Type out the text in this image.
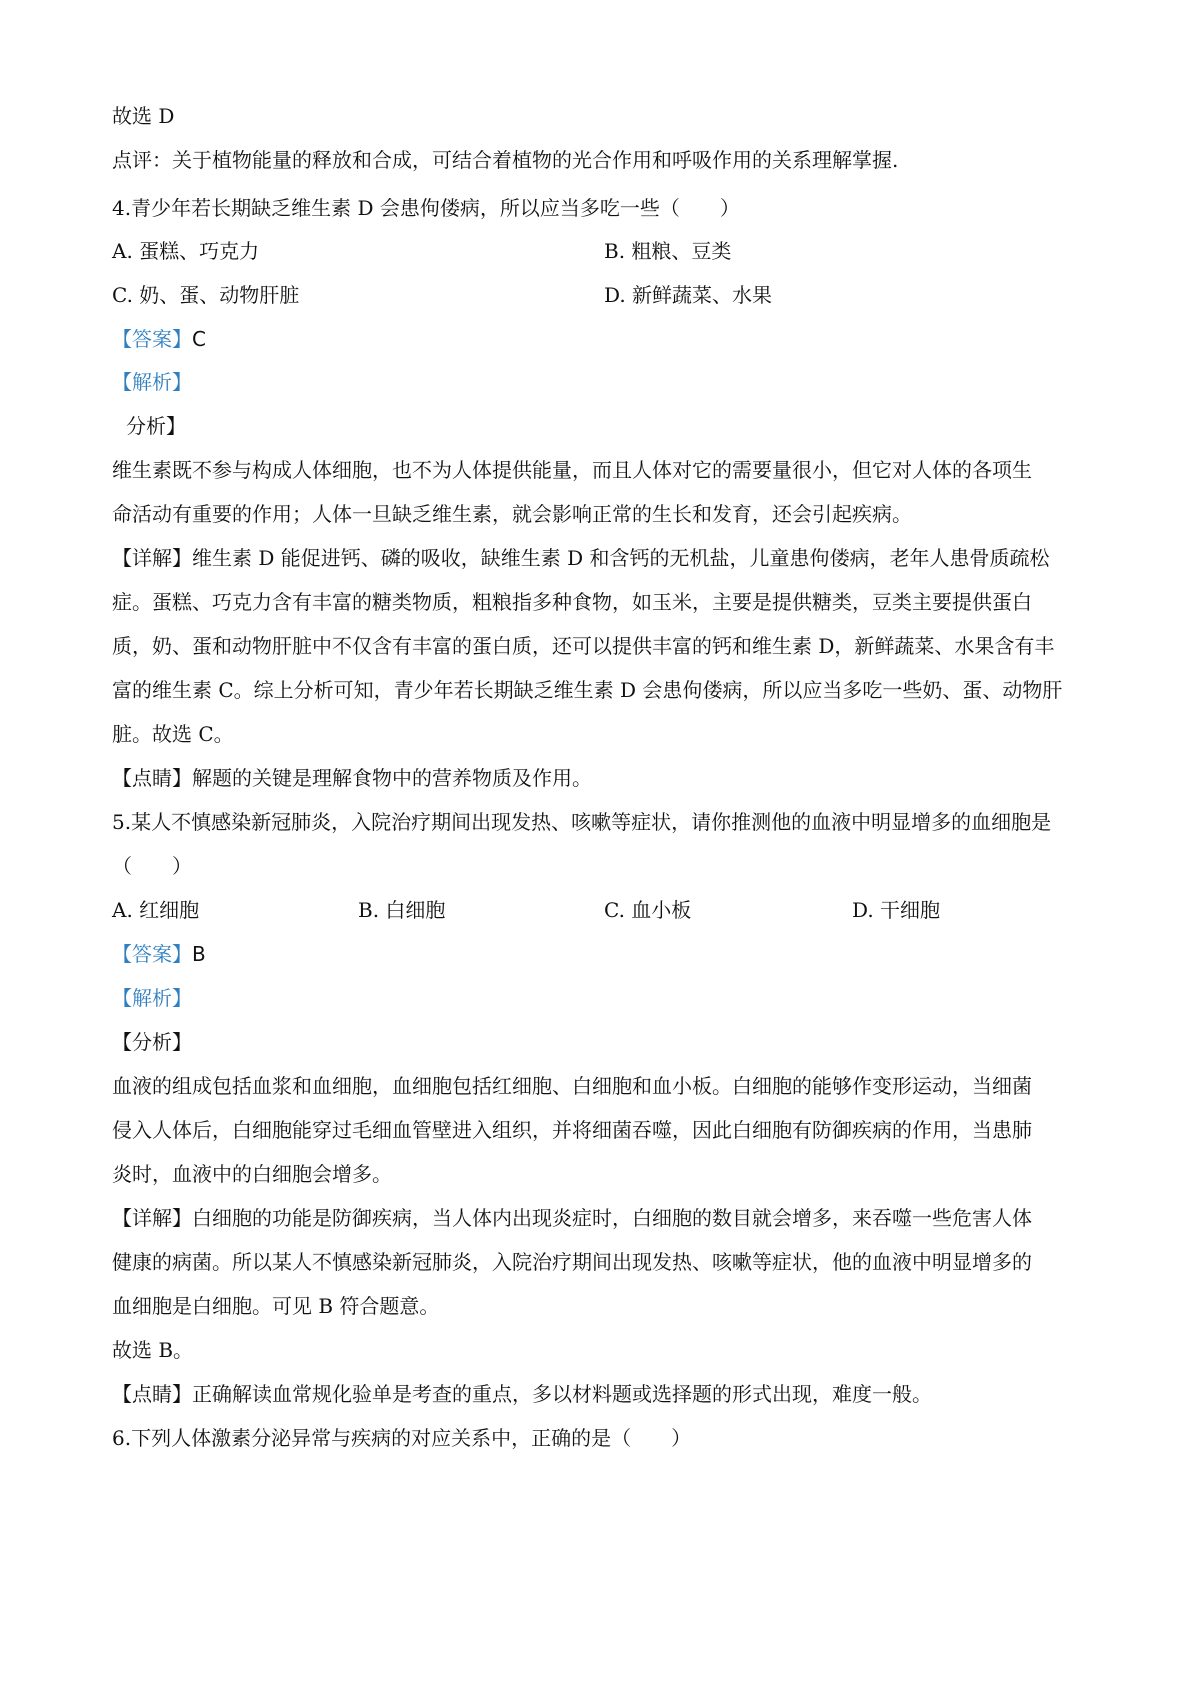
故选 D
点评：关于植物能量的释放和合成，可结合着植物的光合作用和呼吸作用的关系理解掌握.
4.青少年若长期缺乏维生素 D 会患佝偻病，所以应当多吃一些（　　）
A. 蛋糕、巧克力	B. 粗粮、豆类
C. 奶、蛋、动物肝脏	D. 新鲜蔬菜、水果
【答案】C
【解析】
分析】
维生素既不参与构成人体细胞，也不为人体提供能量，而且人体对它的需要量很小，但它对人体的各项生
命活动有重要的作用；人体一旦缺乏维生素，就会影响正常的生长和发育，还会引起疾病。
【详解】维生素 D 能促进钙、磷的吸收，缺维生素 D 和含钙的无机盐，儿童患佝偻病，老年人患骨质疏松
症。蛋糕、巧克力含有丰富的糖类物质，粗粮指多种食物，如玉米，主要是提供糖类，豆类主要提供蛋白
质，奶、蛋和动物肝脏中不仅含有丰富的蛋白质，还可以提供丰富的钙和维生素 D，新鲜蔬菜、水果含有丰
富的维生素 C。综上分析可知，青少年若长期缺乏维生素 D 会患佝偻病，所以应当多吃一些奶、蛋、动物肝
脏。故选 C。
【点睛】解题的关键是理解食物中的营养物质及作用。
5.某人不慎感染新冠肺炎，入院治疗期间出现发热、咳嗽等症状，请你推测他的血液中明显增多的血细胞是
（　　）
A. 红细胞	B. 白细胞	C. 血小板	D. 干细胞
【答案】B
【解析】
【分析】
血液的组成包括血浆和血细胞，血细胞包括红细胞、白细胞和血小板。白细胞的能够作变形运动，当细菌
侵入人体后，白细胞能穿过毛细血管壁进入组织，并将细菌吞噬，因此白细胞有防御疾病的作用，当患肺
炎时，血液中的白细胞会增多。
【详解】白细胞的功能是防御疾病，当人体内出现炎症时，白细胞的数目就会增多，来吞噬一些危害人体
健康的病菌。所以某人不慎感染新冠肺炎，入院治疗期间出现发热、咳嗽等症状，他的血液中明显增多的
血细胞是白细胞。可见 B 符合题意。
故选 B。
【点睛】正确解读血常规化验单是考查的重点，多以材料题或选择题的形式出现，难度一般。
6.下列人体激素分泌异常与疾病的对应关系中，正确的是（　　）
